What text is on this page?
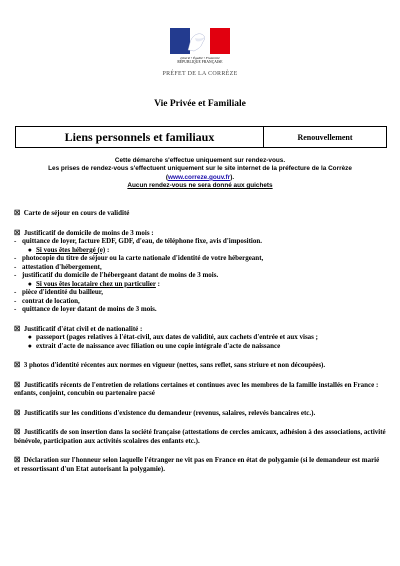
Liberté • Égalité • Fraternité
RÉPUBLIQUE FRANÇAISE
PRÉFET DE LA CORRÈZE
Vie Privée et Familiale
Liens personnels et familiaux	Renouvellement
Cette démarche s'effectue uniquement sur rendez-vous.
Les prises de rendez-vous s'effectuent uniquement sur le site internet de la préfecture de la Corrèze
(www.correze.gouv.fr).
Aucun rendez-vous ne sera donné aux guichets
☒ Carte de séjour en cours de validité
☒ Justificatif de domicile de moins de 3 mois :
- quittance de loyer, facture EDF, GDF, d'eau, de téléphone fixe, avis d'imposition.
● Si vous êtes hébergé (e) :
- photocopie du titre de séjour ou la carte nationale d'identité de votre hébergeant,
- attestation d'hébergement,
- justificatif du domicile de l'hébergeant datant de moins de 3 mois.
● Si vous êtes locataire chez un particulier :
- pièce d'identité du bailleur,
- contrat de location,
- quittance de loyer datant de moins de 3 mois.
☒ Justificatif d'état civil et de nationalité :
● passeport (pages relatives à l'état-civil, aux dates de validité, aux cachets d'entrée et aux visas ;
● extrait d'acte de naissance avec filiation ou une copie intégrale d'acte de naissance
☒ 3 photos d'identité récentes aux normes en vigueur (nettes, sans reflet, sans striure et non découpées).
☒ Justificatifs récents de l'entretien de relations certaines et continues avec les membres de la famille installés en France : enfants, conjoint, concubin ou partenaire pacsé
☒ Justificatifs sur les conditions d'existence du demandeur (revenus, salaires, relevés bancaires etc.).
☒ Justificatifs de son insertion dans la société française (attestations de cercles amicaux, adhésion à des associations, activité bénévole, participation aux activités scolaires des enfants etc.).
☒ Déclaration sur l'honneur selon laquelle l'étranger ne vit pas en France en état de polygamie (si le demandeur est marié et ressortissant d'un Etat autorisant la polygamie).
